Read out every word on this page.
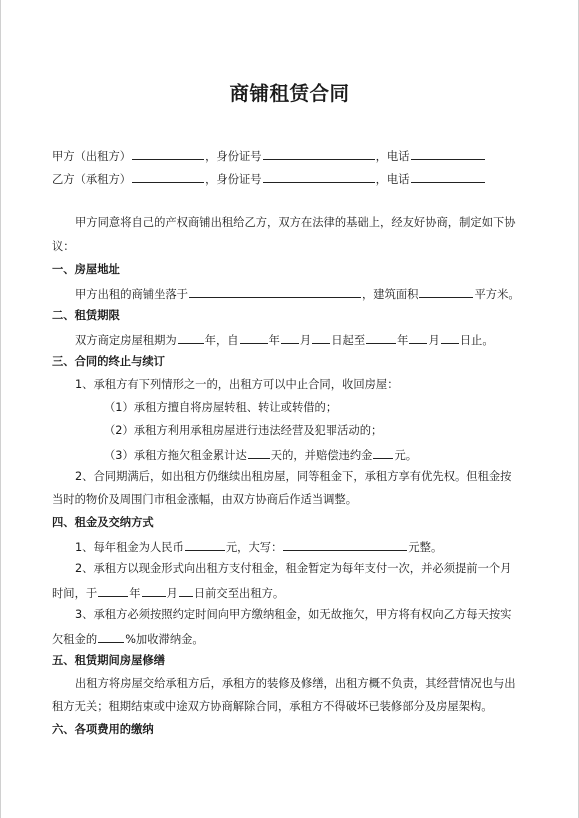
商铺租赁合同
甲方（出租方）	，身份证号	，电话
乙方（承租方）	，身份证号	，电话
甲方同意将自己的产权商铺出租给乙方，双方在法律的基础上，经友好协商，制定如下协
议：
一、房屋地址
甲方出租的商铺坐落于	，建筑面积	平方米。
二、租赁期限
双方商定房屋租期为 年，自	年 月 日起至	年 月 日止。
三、合同的终止与续订
1、承租方有下列情形之一的，出租方可以中止合同，收回房屋：
（1）承租方擅自将房屋转租、转让或转借的；
（2）承租方利用承租房屋进行违法经营及犯罪活动的；
（3）承租方拖欠租金累计达 天的，并赔偿违约金 元。
2、合同期满后，如出租方仍继续出租房屋，同等租金下，承租方享有优先权。但租金按
当时的物价及周围门市租金涨幅，由双方协商后作适当调整。
四、租金及交纳方式
1、每年租金为人民币	元，大写：	元整。
2、承租方以现金形式向出租方支付租金，租金暂定为每年支付一次，并必须提前一个月
时间，于	年 月 日前交至出租方。
3、承租方必须按照约定时间向甲方缴纳租金，如无故拖欠，甲方将有权向乙方每天按实
欠租金的 %加收滞纳金。
五、租赁期间房屋修缮
出租方将房屋交给承租方后，承租方的装修及修缮，出租方概不负责，其经营情况也与出
租方无关；租期结束或中途双方协商解除合同，承租方不得破坏已装修部分及房屋架构。
六、各项费用的缴纳
